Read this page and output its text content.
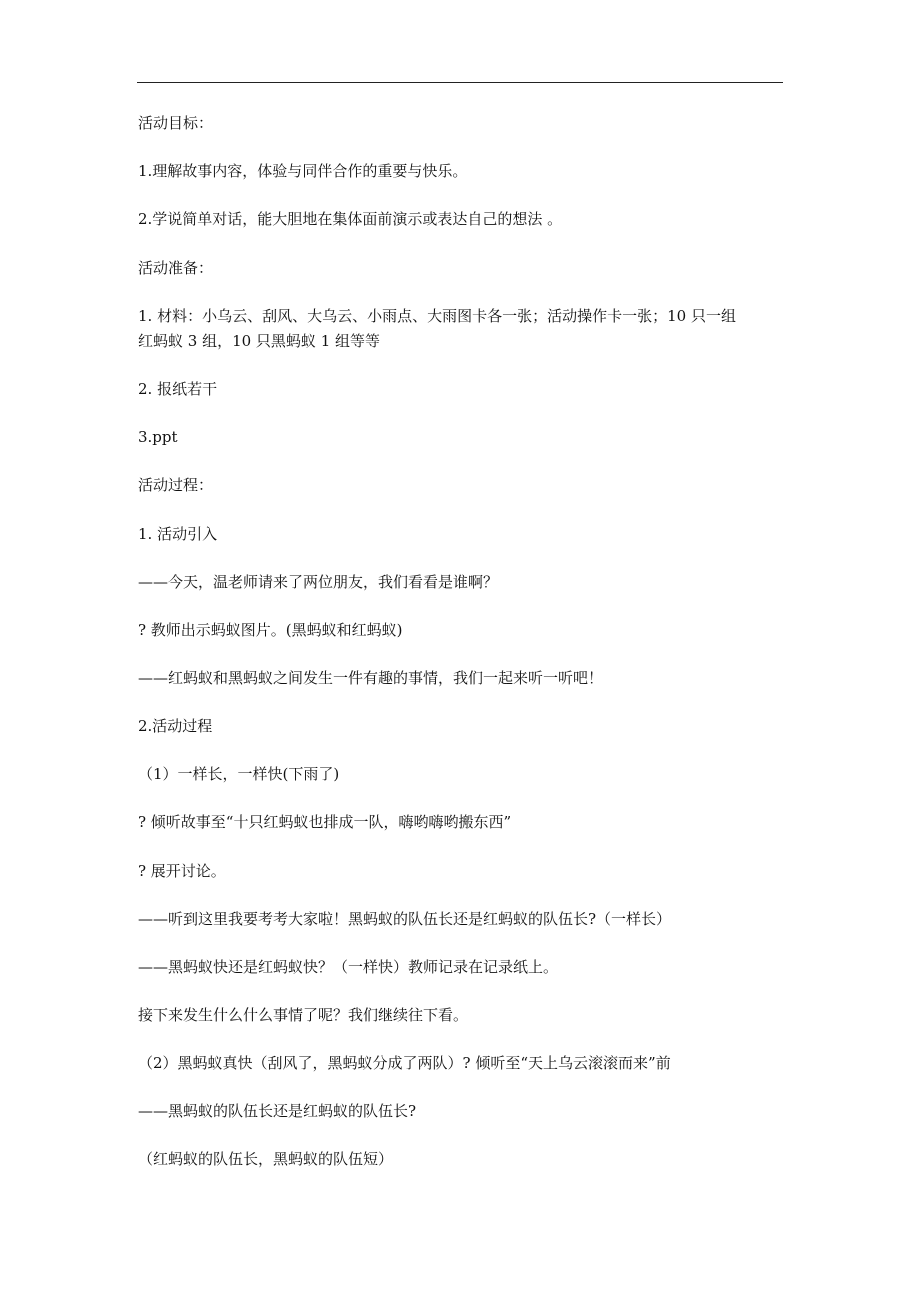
活动目标：
1.理解故事内容，体验与同伴合作的重要与快乐。
2.学说简单对话，能大胆地在集体面前演示或表达自己的想法 。
活动准备：
1. 材料：小乌云、刮风、大乌云、小雨点、大雨图卡各一张；活动操作卡一张；10 只一组
红蚂蚁 3 组，10 只黑蚂蚁 1 组等等
2. 报纸若干
3.ppt
活动过程：
1. 活动引入
——今天，温老师请来了两位朋友，我们看看是谁啊？
? 教师出示蚂蚁图片。(黑蚂蚁和红蚂蚁)
——红蚂蚁和黑蚂蚁之间发生一件有趣的事情，我们一起来听一听吧！
2.活动过程
（1）一样长，一样快(下雨了)
? 倾听故事至“十只红蚂蚁也排成一队，嗨哟嗨哟搬东西”
? 展开讨论。
——听到这里我要考考大家啦！黑蚂蚁的队伍长还是红蚂蚁的队伍长?（一样长）
——黑蚂蚁快还是红蚂蚁快？（一样快）教师记录在记录纸上。
接下来发生什么什么事情了呢？我们继续往下看。
（2）黑蚂蚁真快（刮风了，黑蚂蚁分成了两队）? 倾听至“天上乌云滚滚而来”前
——黑蚂蚁的队伍长还是红蚂蚁的队伍长?
（红蚂蚁的队伍长，黑蚂蚁的队伍短）
